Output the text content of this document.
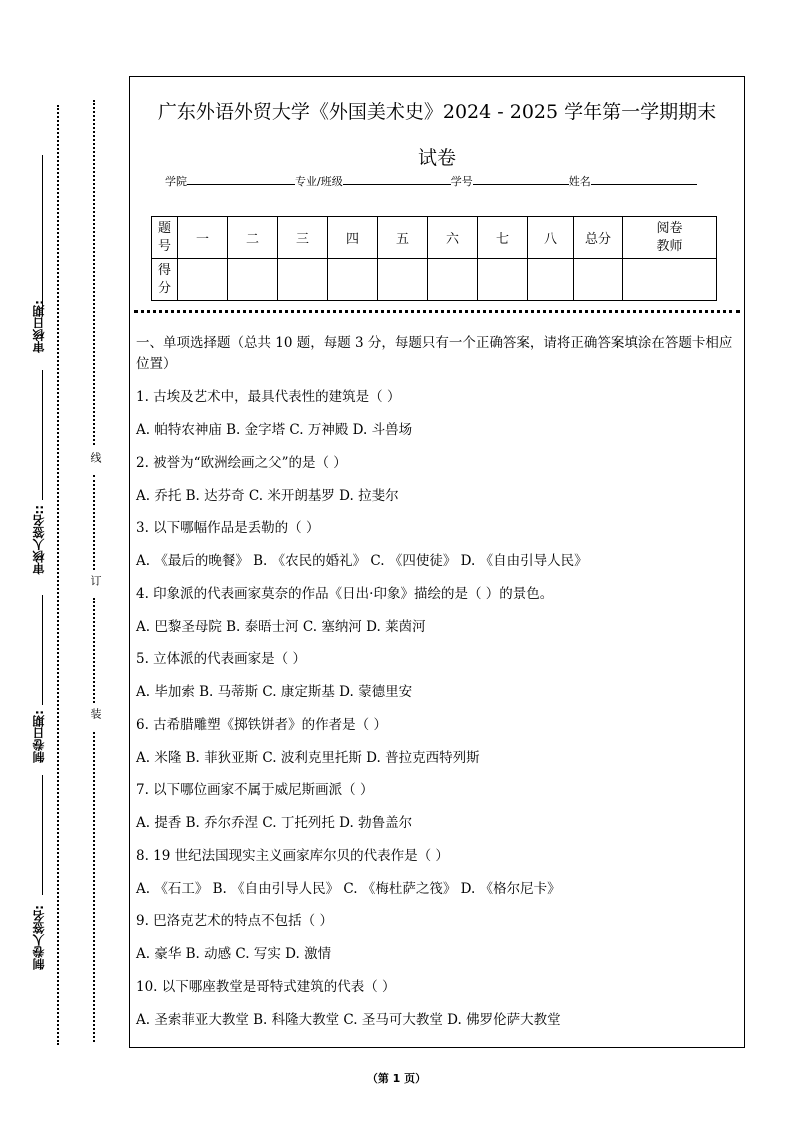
审核日期:
审核人签名::
制卷日期:
制卷人签名:
线
订
装
广东外语外贸大学《外国美术史》2024 - 2025 学年第一学期期末
试卷
学院	专业/班级	学号	姓名
题号	一	二	三	四	五	六	七	八	总分	阅卷教师
得分										
一、单项选择题（总共 10 题，每题 3 分，每题只有一个正确答案，请将正确答案填涂在答题卡相应位置）
1. 古埃及艺术中，最具代表性的建筑是（ ）
A. 帕特农神庙 B. 金字塔 C. 万神殿 D. 斗兽场
2. 被誉为“欧洲绘画之父”的是（ ）
A. 乔托 B. 达芬奇 C. 米开朗基罗 D. 拉斐尔
3. 以下哪幅作品是丢勒的（ ）
A. 《最后的晚餐》 B. 《农民的婚礼》 C. 《四使徒》 D. 《自由引导人民》
4. 印象派的代表画家莫奈的作品《日出·印象》描绘的是（ ）的景色。
A. 巴黎圣母院 B. 泰晤士河 C. 塞纳河 D. 莱茵河
5. 立体派的代表画家是（ ）
A. 毕加索 B. 马蒂斯 C. 康定斯基 D. 蒙德里安
6. 古希腊雕塑《掷铁饼者》的作者是（ ）
A. 米隆 B. 菲狄亚斯 C. 波利克里托斯 D. 普拉克西特列斯
7. 以下哪位画家不属于威尼斯画派（ ）
A. 提香 B. 乔尔乔涅 C. 丁托列托 D. 勃鲁盖尔
8. 19 世纪法国现实主义画家库尔贝的代表作是（ ）
A. 《石工》 B. 《自由引导人民》 C. 《梅杜萨之筏》 D. 《格尔尼卡》
9. 巴洛克艺术的特点不包括（ ）
A. 豪华 B. 动感 C. 写实 D. 激情
10. 以下哪座教堂是哥特式建筑的代表（ ）
A. 圣索菲亚大教堂 B. 科隆大教堂 C. 圣马可大教堂 D. 佛罗伦萨大教堂
（第 1 页）
